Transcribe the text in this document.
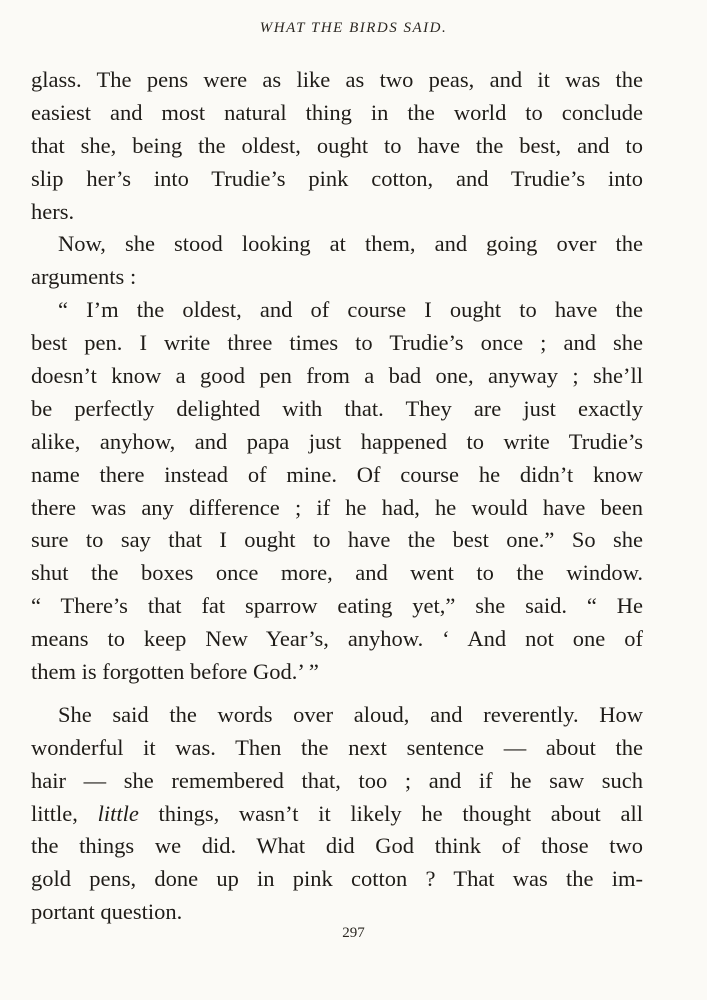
WHAT THE BIRDS SAID.
glass. The pens were as like as two peas, and it was the
easiest and most natural thing in the world to conclude
that she, being the oldest, ought to have the best, and to
slip her’s into Trudie’s pink cotton, and Trudie’s into
hers.
Now, she stood looking at them, and going over the
arguments :
“ I’m the oldest, and of course I ought to have the
best pen. I write three times to Trudie’s once ; and she
doesn’t know a good pen from a bad one, anyway ; she’ll
be perfectly delighted with that. They are just exactly
alike, anyhow, and papa just happened to write Trudie’s
name there instead of mine. Of course he didn’t know
there was any difference ; if he had, he would have been
sure to say that I ought to have the best one.” So she
shut the boxes once more, and went to the window.
“ There’s that fat sparrow eating yet,” she said. “ He
means to keep New Year’s, anyhow. ‘ And not one of
them is forgotten before God.’ ”
She said the words over aloud, and reverently. How
wonderful it was. Then the next sentence — about the
hair — she remembered that, too ; and if he saw such
little, little things, wasn’t it likely he thought about all
the things we did. What did God think of those two
gold pens, done up in pink cotton ? That was the im-
portant question.
297
